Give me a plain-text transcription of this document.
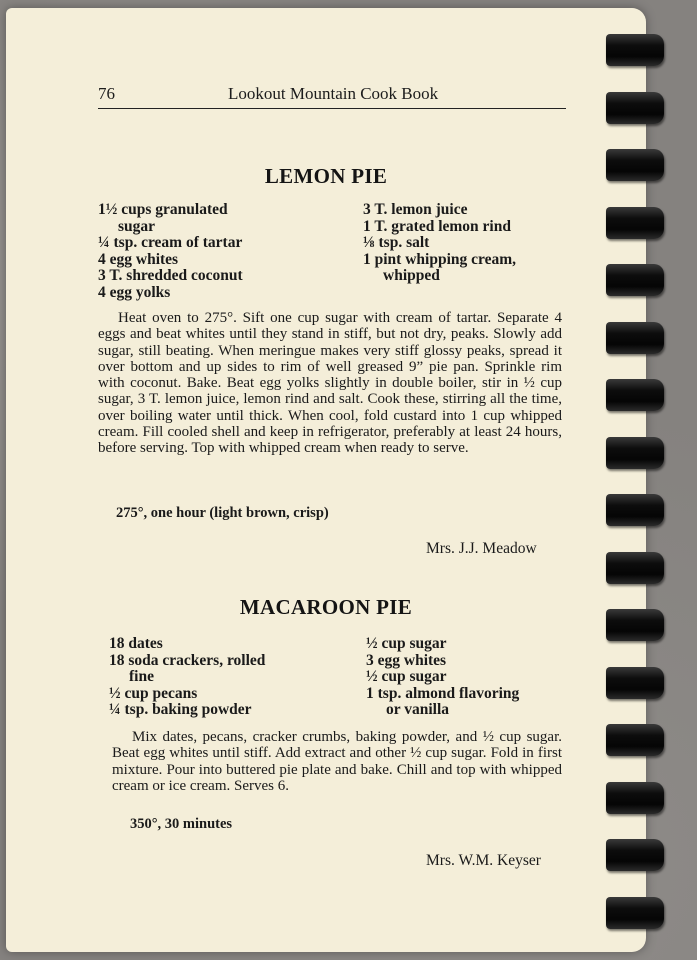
76	Lookout Mountain Cook Book
LEMON PIE
1½ cups granulated
sugar
¼ tsp. cream of tartar
4 egg whites
3 T. shredded coconut
4 egg yolks
3 T. lemon juice
1 T. grated lemon rind
⅛ tsp. salt
1 pint whipping cream,
whipped
Heat oven to 275°. Sift one cup sugar with cream of tartar. Separate 4 eggs and beat whites until they stand in stiff, but not dry, peaks. Slowly add sugar, still beating. When meringue makes very stiff glossy peaks, spread it over bottom and up sides to rim of well greased 9” pie pan. Sprinkle rim with coconut. Bake. Beat egg yolks slightly in double boiler, stir in ½ cup sugar, 3 T. lemon juice, lemon rind and salt. Cook these, stirring all the time, over boiling water until thick. When cool, fold custard into 1 cup whipped cream. Fill cooled shell and keep in refrigerator, preferably at least 24 hours, before serving. Top with whipped cream when ready to serve.
275°, one hour (light brown, crisp)
Mrs. J.J. Meadow
MACAROON PIE
18 dates
18 soda crackers, rolled
fine
½ cup pecans
¼ tsp. baking powder
½ cup sugar
3 egg whites
½ cup sugar
1 tsp. almond flavoring
or vanilla
Mix dates, pecans, cracker crumbs, baking powder, and ½ cup sugar. Beat egg whites until stiff. Add extract and other ½ cup sugar. Fold in first mixture. Pour into buttered pie plate and bake. Chill and top with whipped cream or ice cream. Serves 6.
350°, 30 minutes
Mrs. W.M. Keyser
